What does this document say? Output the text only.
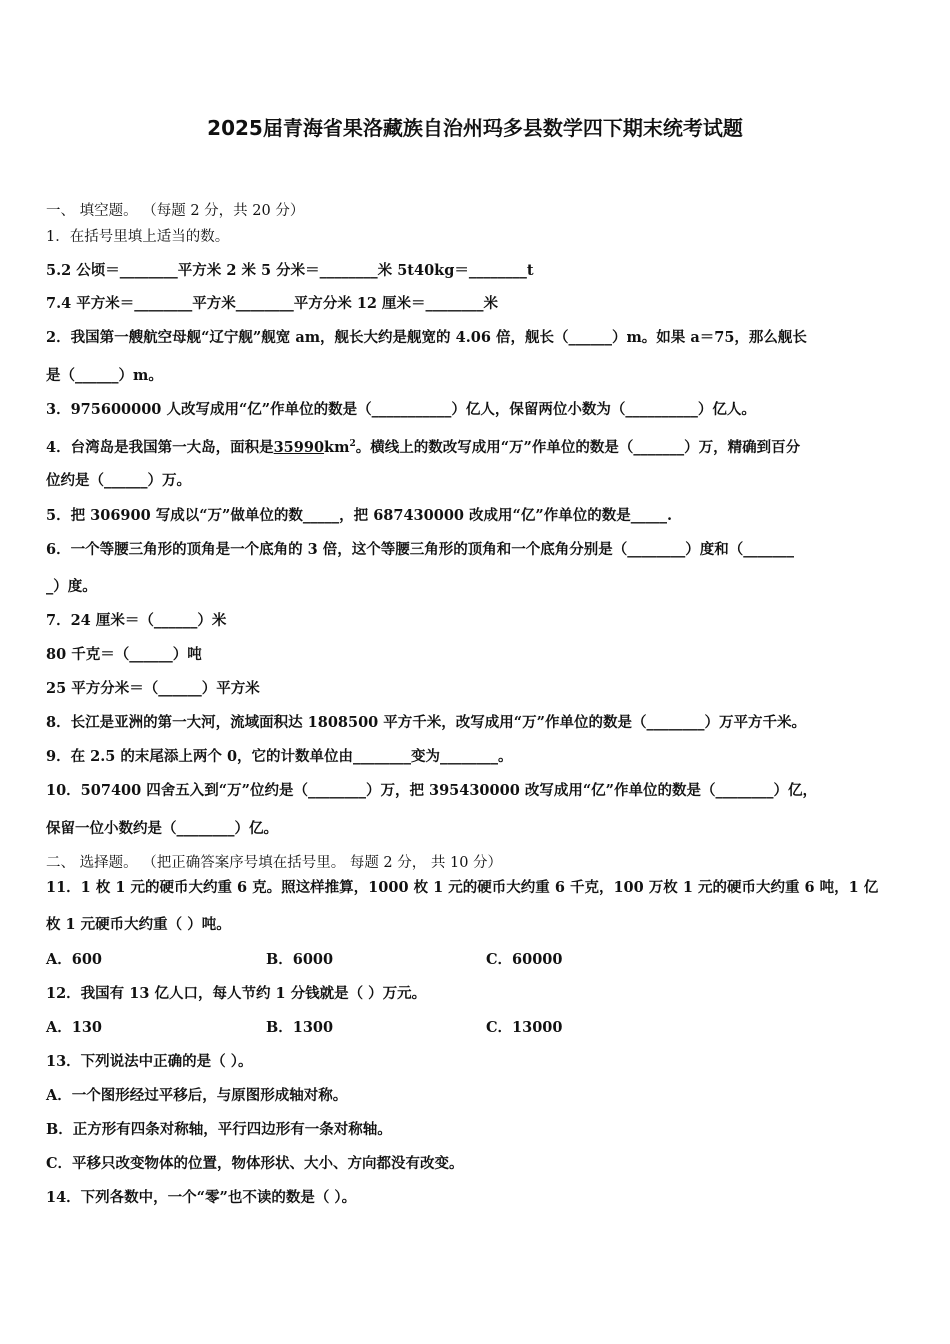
2025届青海省果洛藏族自治州玛多县数学四下期末统考试题
一、 填空题。 （每题 2 分，共 20 分）
1．在括号里填上适当的数。
5.2 公顷＝________平方米 2 米 5 分米＝________米 5t40kg＝________t
7.4 平方米＝________平方米________平方分米 12 厘米＝________米
2．我国第一艘航空母舰“辽宁舰”舰宽 am，舰长大约是舰宽的 4.06 倍，舰长（______）m。如果 a＝75，那么舰长
是（______）m。
3．975600000 人改写成用“亿”作单位的数是（___________）亿人，保留两位小数为（__________）亿人。
4．台湾岛是我国第一大岛，面积是$35990km^2$。横线上的数改写成用“万”作单位的数是（_______）万，精确到百分
位约是（______）万。
5．把 306900 写成以“万”做单位的数_____，把 687430000 改成用“亿”作单位的数是_____.
6．一个等腰三角形的顶角是一个底角的 3 倍，这个等腰三角形的顶角和一个底角分别是（________）度和（_______
_）度。
7．24 厘米＝（______）米
80 千克＝（______）吨
25 平方分米＝（______）平方米
8．长江是亚洲的第一大河，流域面积达 1808500 平方千米，改写成用“万”作单位的数是（________）万平方千米。
9．在 2.5 的末尾添上两个 0，它的计数单位由________变为________。
10．507400 四舍五入到“万”位约是（________）万，把 395430000 改写成用“亿”作单位的数是（________）亿，
保留一位小数约是（________）亿。
二、 选择题。 （把正确答案序号填在括号里。 每题 2 分， 共 10 分）
11．1 枚 1 元的硬币大约重 6 克。照这样推算，1000 枚 1 元的硬币大约重 6 千克，100 万枚 1 元的硬币大约重 6 吨，1 亿
枚 1 元硬币大约重（ ）吨。
A．600	B．6000	C．60000
12．我国有 13 亿人口，每人节约 1 分钱就是（ ）万元。
A．130	B．1300	C．13000
13．下列说法中正确的是（ ）。
A．一个图形经过平移后，与原图形成轴对称。
B．正方形有四条对称轴，平行四边形有一条对称轴。
C．平移只改变物体的位置，物体形状、大小、方向都没有改变。
14．下列各数中，一个“零”也不读的数是（ ）。
